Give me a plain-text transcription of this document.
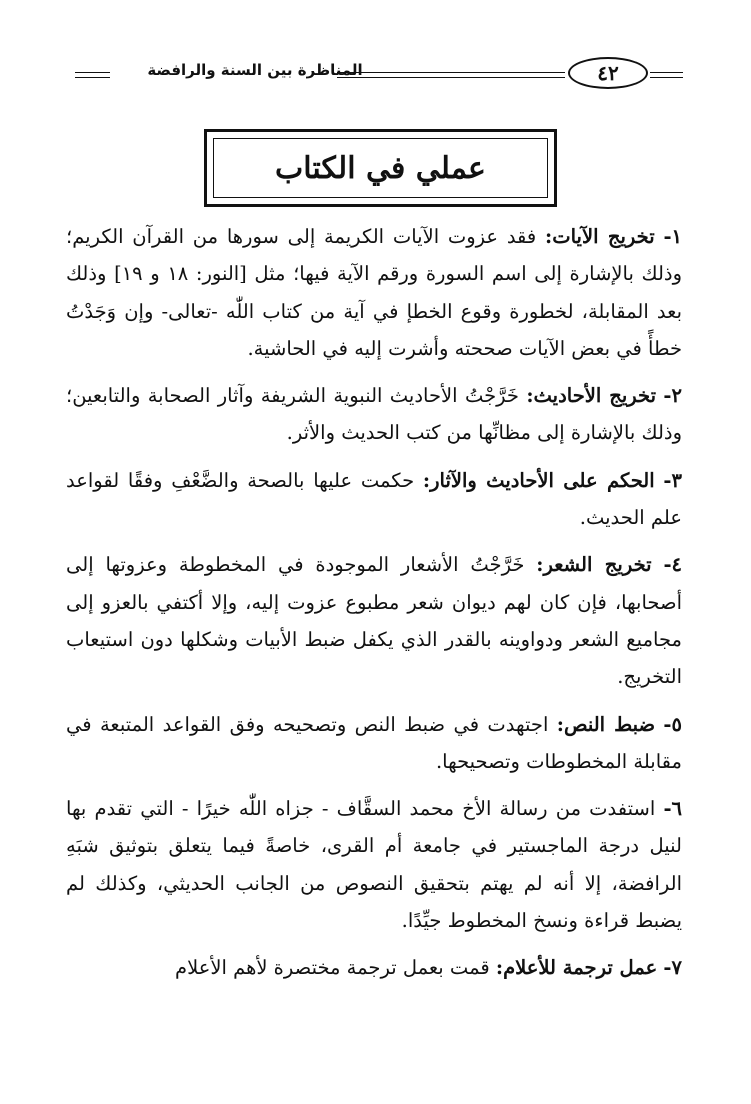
٤٢
المناظرة بين السنة والرافضة
عملي في الكتاب

١- تخريج الآيات: فقد عزوت الآيات الكريمة إلى سورها من القرآن الكريم؛ وذلك بالإشارة إلى اسم السورة ورقم الآية فيها؛ مثل [النور: ١٨ و ١٩] وذلك بعد المقابلة، لخطورة وقوع الخطإ في آية من كتاب اللّٰه -تعالى- وإن وَجَدْتُ خطأً في بعض الآيات صححته وأشرت إليه في الحاشية.

٢- تخريج الأحاديث: خَرَّجْتُ الأحاديث النبوية الشريفة وآثار الصحابة والتابعين؛ وذلك بالإشارة إلى مظانِّها من كتب الحديث والأثر.

٣- الحكم على الأحاديث والآثار: حكمت عليها بالصحة والضَّعْفِ وفقًا لقواعد علم الحديث.

٤- تخريج الشعر: خَرَّجْتُ الأشعار الموجودة في المخطوطة وعزوتها إلى أصحابها، فإن كان لهم ديوان شعر مطبوع عزوت إليه، وإلا أكتفي بالعزو إلى مجاميع الشعر ودواوينه بالقدر الذي يكفل ضبط الأبيات وشكلها دون استيعاب التخريج.

٥- ضبط النص: اجتهدت في ضبط النص وتصحيحه وفق القواعد المتبعة في مقابلة المخطوطات وتصحيحها.

٦- استفدت من رسالة الأخ محمد السقَّاف - جزاه اللّٰه خيرًا - التي تقدم بها لنيل درجة الماجستير في جامعة أم القرى، خاصةً فيما يتعلق بتوثيق شبَهِ الرافضة، إلا أنه لم يهتم بتحقيق النصوص من الجانب الحديثي، وكذلك لم يضبط قراءة ونسخ المخطوط جيِّدًا.

٧- عمل ترجمة للأعلام: قمت بعمل ترجمة مختصرة لأهم الأعلام
